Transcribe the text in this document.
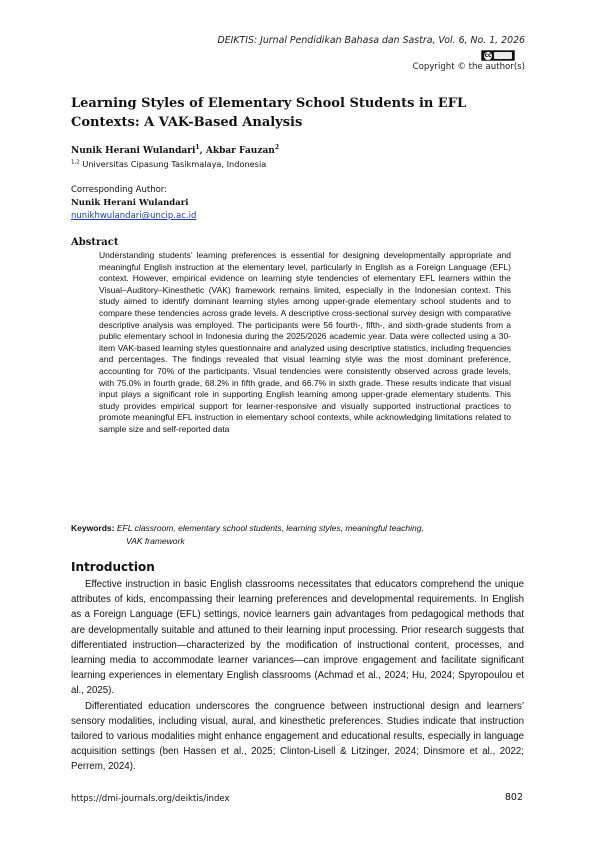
DEIKTIS: Jurnal Pendidikan Bahasa dan Sastra, Vol. 6, No. 1, 2026
cc
Copyright © the author(s)
Learning Styles of Elementary School Students in EFL Contexts: A VAK-Based Analysis
Nunik Herani Wulandari$^1$, Akbar Fauzan$^2$
$^{1,2}$ Universitas Cipasung Tasikmalaya, Indonesia
Corresponding Author:
Nunik Herani Wulandari
nunikhwulandari@uncip.ac.id
Abstract

Understanding students’ learning preferences is essential for designing developmentally appropriate and meaningful English instruction at the elementary level, particularly in English as a Foreign Language (EFL) context. However, empirical evidence on learning style tendencies of elementary EFL learners within the Visual–Auditory–Kinesthetic (VAK) framework remains limited, especially in the Indonesian context. This study aimed to identify dominant learning styles among upper-grade elementary school students and to compare these tendencies across grade levels. A descriptive cross-sectional survey design with comparative descriptive analysis was employed. The participants were 56 fourth-, fifth-, and sixth-grade students from a public elementary school in Indonesia during the 2025/2026 academic year. Data were collected using a 30-item VAK-based learning styles questionnaire and analyzed using descriptive statistics, including frequencies and percentages. The findings revealed that visual learning style was the most dominant preference, accounting for 70% of the participants. Visual tendencies were consistently observed across grade levels, with 75.0% in fourth grade, 68.2% in fifth grade, and 66.7% in sixth grade. These results indicate that visual input plays a significant role in supporting English learning among upper-grade elementary students. This study provides empirical support for learner-responsive and visually supported instructional practices to promote meaningful EFL instruction in elementary school contexts, while acknowledging limitations related to sample size and self-reported data

Keywords: EFL classroom, elementary school students, learning styles, meaningful teaching,
VAK framework
Introduction

Effective instruction in basic English classrooms necessitates that educators comprehend the unique attributes of kids, encompassing their learning preferences and developmental requirements. In English as a Foreign Language (EFL) settings, novice learners gain advantages from pedagogical methods that are developmentally suitable and attuned to their learning input processing. Prior research suggests that differentiated instruction—characterized by the modification of instructional content, processes, and learning media to accommodate learner variances—can improve engagement and facilitate significant learning experiences in elementary English classrooms (Achmad et al., 2024; Hu, 2024; Spyropoulou et al., 2025).

Differentiated education underscores the congruence between instructional design and learners’ sensory modalities, including visual, aural, and kinesthetic preferences. Studies indicate that instruction tailored to various modalities might enhance engagement and educational results, especially in language acquisition settings (ben Hassen et al., 2025; Clinton-Lisell & Litzinger, 2024; Dinsmore et al., 2022; Perrem, 2024).

https://dmi-journals.org/deiktis/index	802
